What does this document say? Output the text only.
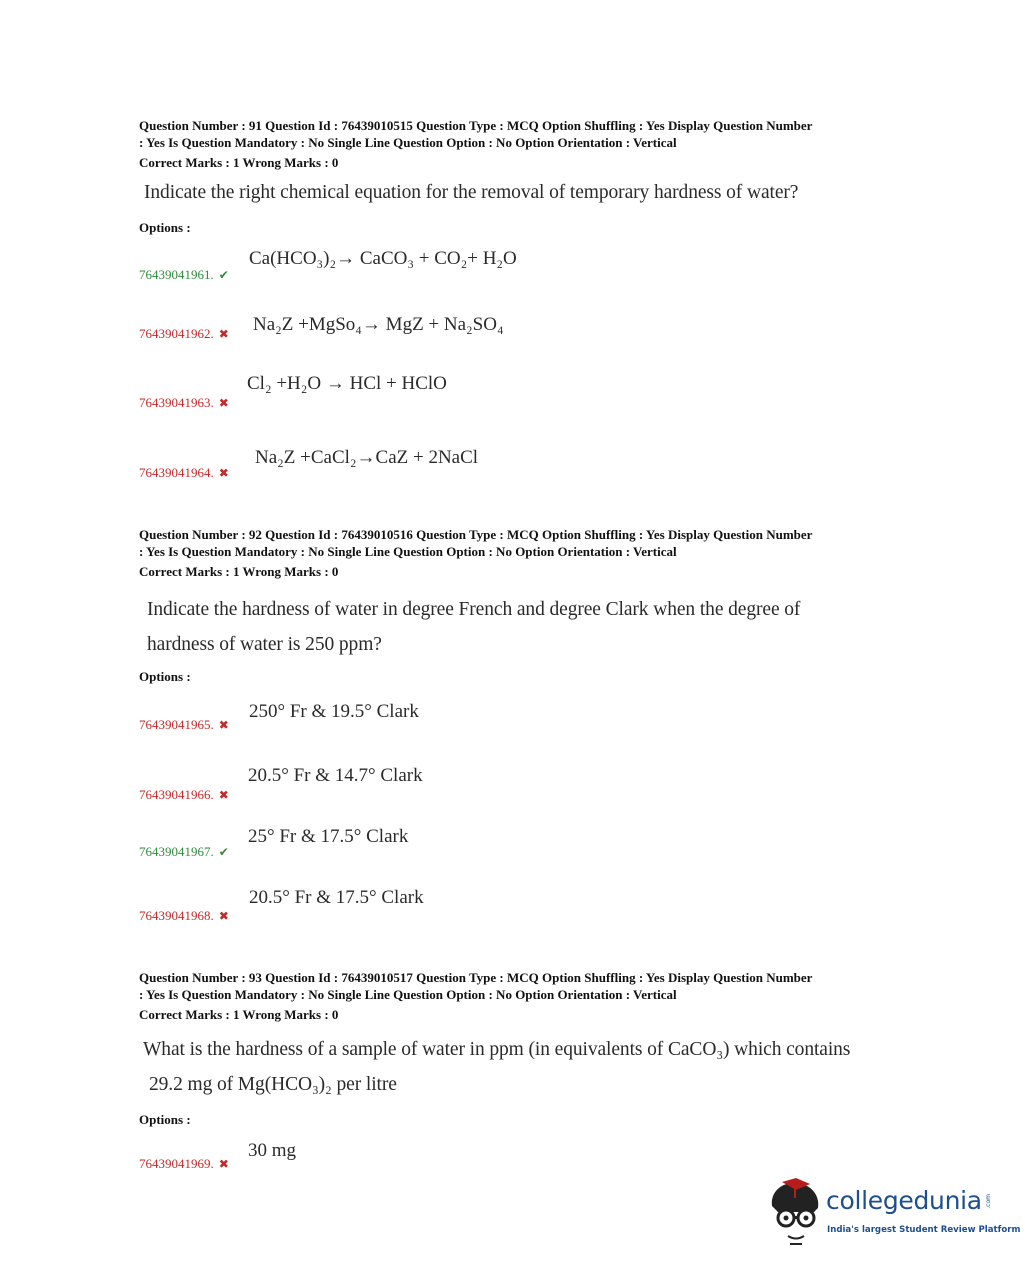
Question Number : 91 Question Id : 76439010515 Question Type : MCQ Option Shuffling : Yes Display Question Number
: Yes Is Question Mandatory : No Single Line Question Option : No Option Orientation : Vertical
Correct Marks : 1 Wrong Marks : 0
Indicate the right chemical equation for the removal of temporary hardness of water?
Options :
Ca(HCO₃)₂→ CaCO₃ + CO₂+ H₂O
76439041961. ✔
Na₂Z +MgSo₄→ MgZ + Na₂SO₄
76439041962. ✖
Cl₂ +H₂O → HCl + HClO
76439041963. ✖
Na₂Z +CaCl₂→CaZ + 2NaCl
76439041964. ✖
Question Number : 92 Question Id : 76439010516 Question Type : MCQ Option Shuffling : Yes Display Question Number
: Yes Is Question Mandatory : No Single Line Question Option : No Option Orientation : Vertical
Correct Marks : 1 Wrong Marks : 0
Indicate the hardness of water in degree French and degree Clark when the degree of
hardness of water is 250 ppm?
Options :
250° Fr & 19.5° Clark
76439041965. ✖
20.5° Fr & 14.7° Clark
76439041966. ✖
25° Fr & 17.5° Clark
76439041967. ✔
20.5° Fr & 17.5° Clark
76439041968. ✖
Question Number : 93 Question Id : 76439010517 Question Type : MCQ Option Shuffling : Yes Display Question Number
: Yes Is Question Mandatory : No Single Line Question Option : No Option Orientation : Vertical
Correct Marks : 1 Wrong Marks : 0
What is the hardness of a sample of water in ppm (in equivalents of CaCO₃) which contains
29.2 mg of Mg(HCO₃)₂ per litre
Options :
30 mg
76439041969. ✖
collegedunia .com
India's largest Student Review Platform
